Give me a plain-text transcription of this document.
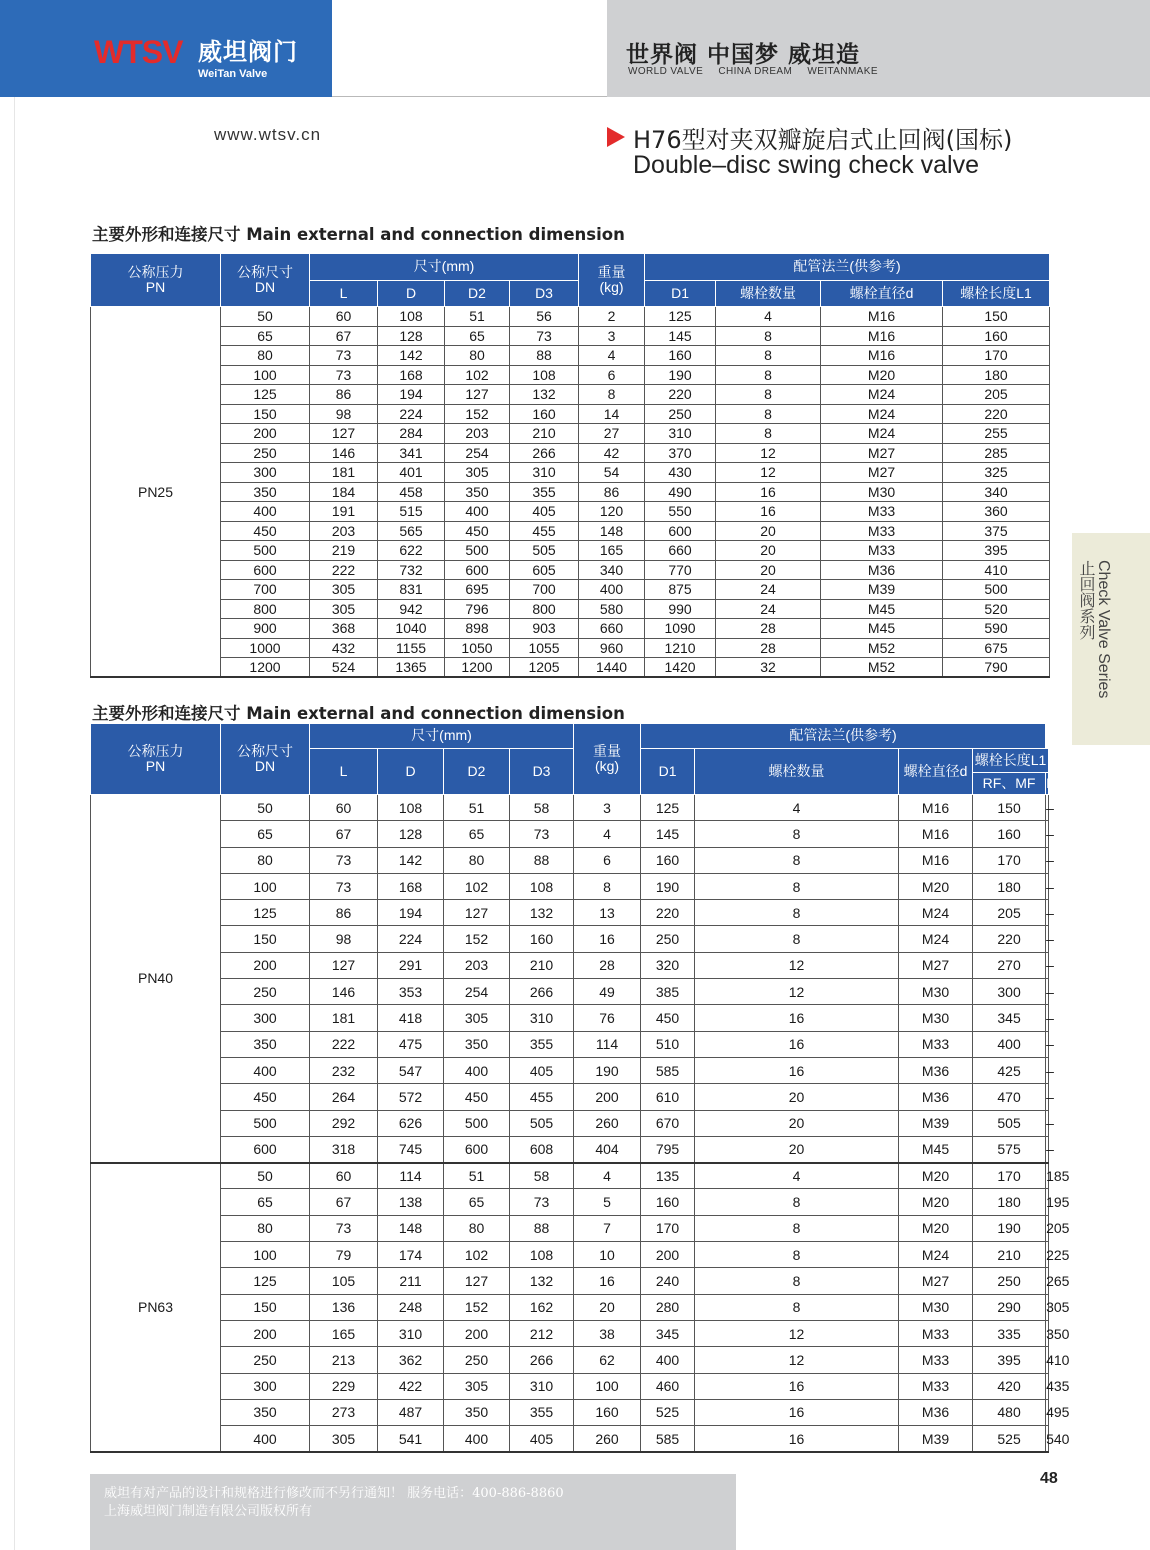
WTSV 威坦阀门
WeiTan Valve
世界阀 中国梦 威坦造
WORLD VALVE CHINA DREAM WEITANMAKE
www.wtsv.cn	H76型对夹双瓣旋启式止回阀(国标)
Double–disc swing check valve
主要外形和连接尺寸 Main external and connection dimension
公称压力
PN	公称尺寸
DN	尺寸(mm)				重量
(kg)	配管法兰(供参考)			
		L	D	D2	D3		D1	螺栓数量	螺栓直径d	螺栓长度L1
PN25	50	60	108	51	56	2	125	4	M16	150
	65	67	128	65	73	3	145	8	M16	160
	80	73	142	80	88	4	160	8	M16	170
	100	73	168	102	108	6	190	8	M20	180
	125	86	194	127	132	8	220	8	M24	205
	150	98	224	152	160	14	250	8	M24	220
	200	127	284	203	210	27	310	8	M24	255
	250	146	341	254	266	42	370	12	M27	285
	300	181	401	305	310	54	430	12	M27	325
	350	184	458	350	355	86	490	16	M30	340
	400	191	515	400	405	120	550	16	M33	360
	450	203	565	450	455	148	600	20	M33	375
	500	219	622	500	505	165	660	20	M33	395
	600	222	732	600	605	340	770	20	M36	410
	700	305	831	695	700	400	875	24	M39	500
	800	305	942	796	800	580	990	24	M45	520
	900	368	1040	898	903	660	1090	28	M45	590
	1000	432	1155	1050	1055	960	1210	28	M52	675
	1200	524	1365	1200	1205	1440	1420	32	M52	790
主要外形和连接尺寸 Main external and connection dimension
公称压力
PN	公称尺寸
DN	尺寸(mm)				重量
(kg)	配管法兰(供参考)				
		L	D	D2	D3		D1	螺栓数量	螺栓直径d	螺栓长度L1	
										RF、MF	RTJ
PN40	50	60	108	51	58	3	125	4	M16	150	–
	65	67	128	65	73	4	145	8	M16	160	–
	80	73	142	80	88	6	160	8	M16	170	–
	100	73	168	102	108	8	190	8	M20	180	–
	125	86	194	127	132	13	220	8	M24	205	–
	150	98	224	152	160	16	250	8	M24	220	–
	200	127	291	203	210	28	320	12	M27	270	–
	250	146	353	254	266	49	385	12	M30	300	–
	300	181	418	305	310	76	450	16	M30	345	–
	350	222	475	350	355	114	510	16	M33	400	–
	400	232	547	400	405	190	585	16	M36	425	–
	450	264	572	450	455	200	610	20	M36	470	–
	500	292	626	500	505	260	670	20	M39	505	–
	600	318	745	600	608	404	795	20	M45	575	–
PN63	50	60	114	51	58	4	135	4	M20	170	185
	65	67	138	65	73	5	160	8	M20	180	195
	80	73	148	80	88	7	170	8	M20	190	205
	100	79	174	102	108	10	200	8	M24	210	225
	125	105	211	127	132	16	240	8	M27	250	265
	150	136	248	152	162	20	280	8	M30	290	305
	200	165	310	200	212	38	345	12	M33	335	350
	250	213	362	250	266	62	400	12	M33	395	410
	300	229	422	305	310	100	460	16	M33	420	435
	350	273	487	350	355	160	525	16	M36	480	495
	400	305	541	400	405	260	585	16	M39	525	540
Check Valve Series
止回阀系列
威坦有对产品的设计和规格进行修改而不另行通知！ 服务电话：400-886-8860
上海威坦阀门制造有限公司版权所有
48
